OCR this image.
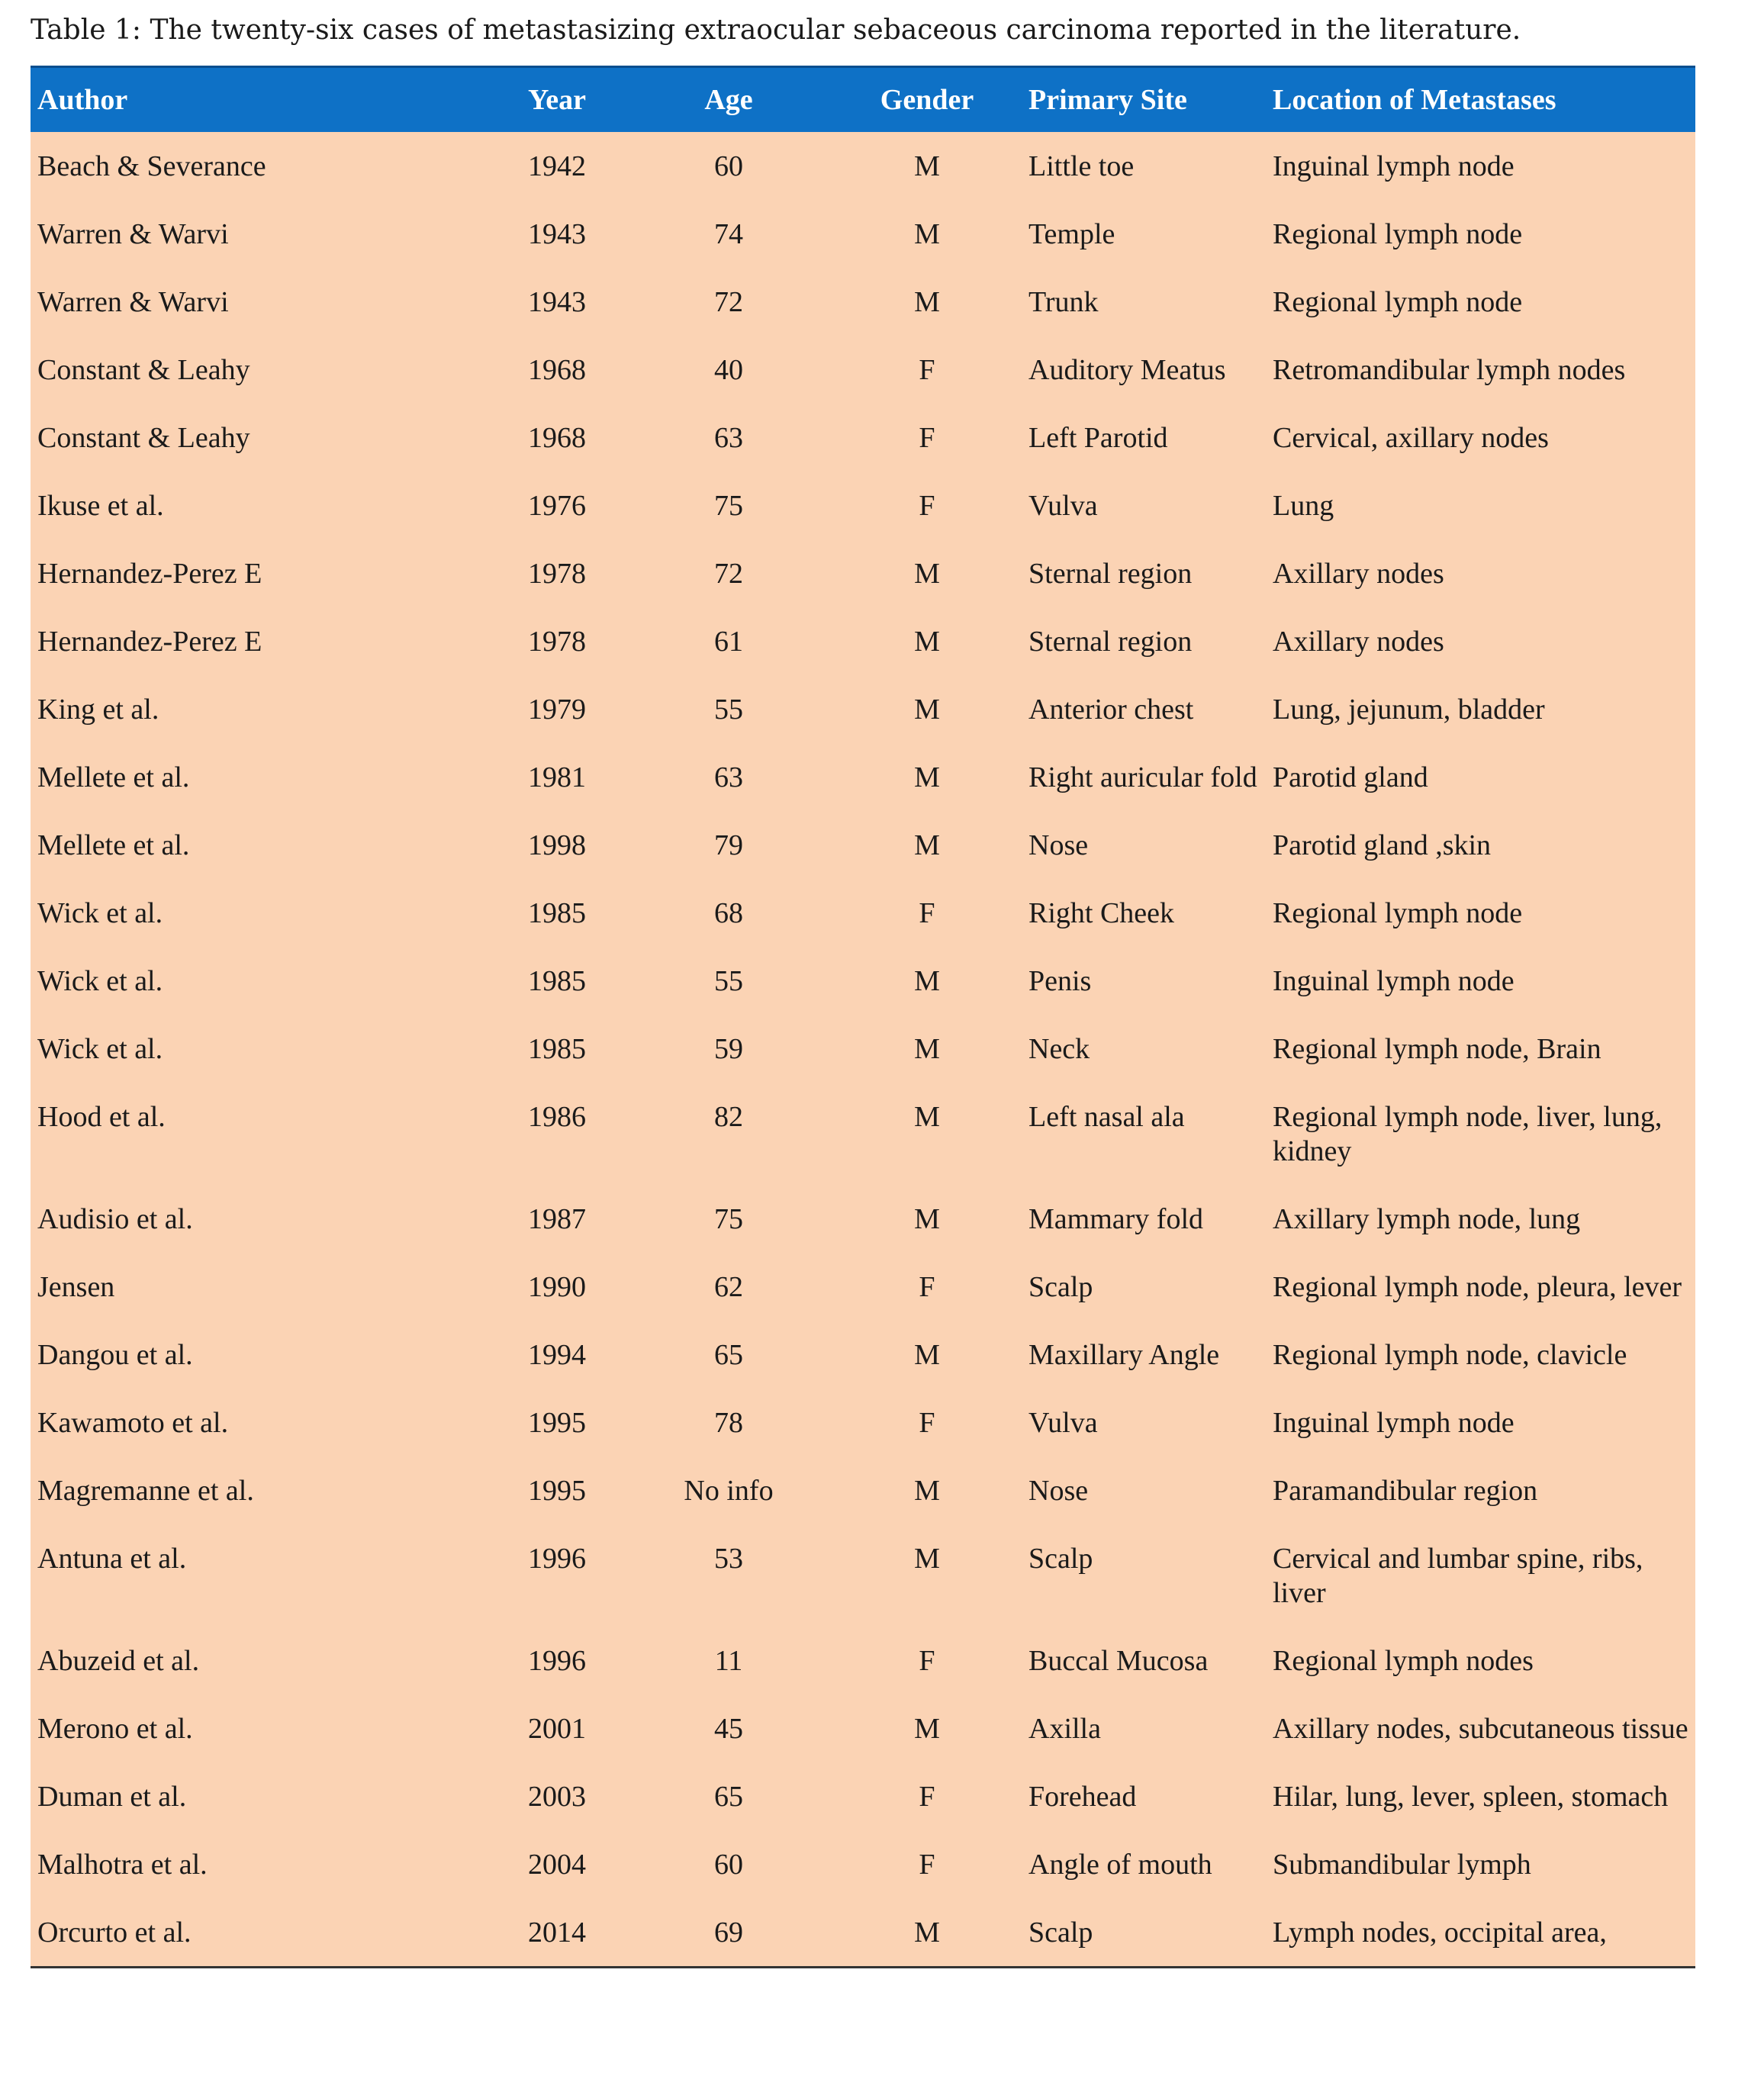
Table 1: The twenty-six cases of metastasizing extraocular sebaceous carcinoma reported in the literature.
Author	Year	Age	Gender	Primary Site	Location of Metastases
Beach & Severance	1942	60	M	Little toe	Inguinal lymph node
Warren & Warvi	1943	74	M	Temple	Regional lymph node
Warren & Warvi	1943	72	M	Trunk	Regional lymph node
Constant & Leahy	1968	40	F	Auditory Meatus	Retromandibular lymph nodes
Constant & Leahy	1968	63	F	Left Parotid	Cervical, axillary nodes
Ikuse et al.	1976	75	F	Vulva	Lung
Hernandez-Perez E	1978	72	M	Sternal region	Axillary nodes
Hernandez-Perez E	1978	61	M	Sternal region	Axillary nodes
King et al.	1979	55	M	Anterior chest	Lung, jejunum, bladder
Mellete et al.	1981	63	M	Right auricular fold	Parotid gland
Mellete et al.	1998	79	M	Nose	Parotid gland ,skin
Wick et al.	1985	68	F	Right Cheek	Regional lymph node
Wick et al.	1985	55	M	Penis	Inguinal lymph node
Wick et al.	1985	59	M	Neck	Regional lymph node, Brain
Hood et al.	1986	82	M	Left nasal ala	Regional lymph node, liver, lung, kidney
Audisio et al.	1987	75	M	Mammary fold	Axillary lymph node, lung
Jensen	1990	62	F	Scalp	Regional lymph node, pleura, lever
Dangou et al.	1994	65	M	Maxillary Angle	Regional lymph node, clavicle
Kawamoto et al.	1995	78	F	Vulva	Inguinal lymph node
Magremanne et al.	1995	No info	M	Nose	Paramandibular region
Antuna et al.	1996	53	M	Scalp	Cervical and lumbar spine, ribs, liver
Abuzeid et al.	1996	11	F	Buccal Mucosa	Regional lymph nodes
Merono et al.	2001	45	M	Axilla	Axillary nodes, subcutaneous tissue
Duman et al.	2003	65	F	Forehead	Hilar, lung, lever, spleen, stomach
Malhotra et al.	2004	60	F	Angle of mouth	Submandibular lymph
Orcurto et al.	2014	69	M	Scalp	Lymph nodes, occipital area,
